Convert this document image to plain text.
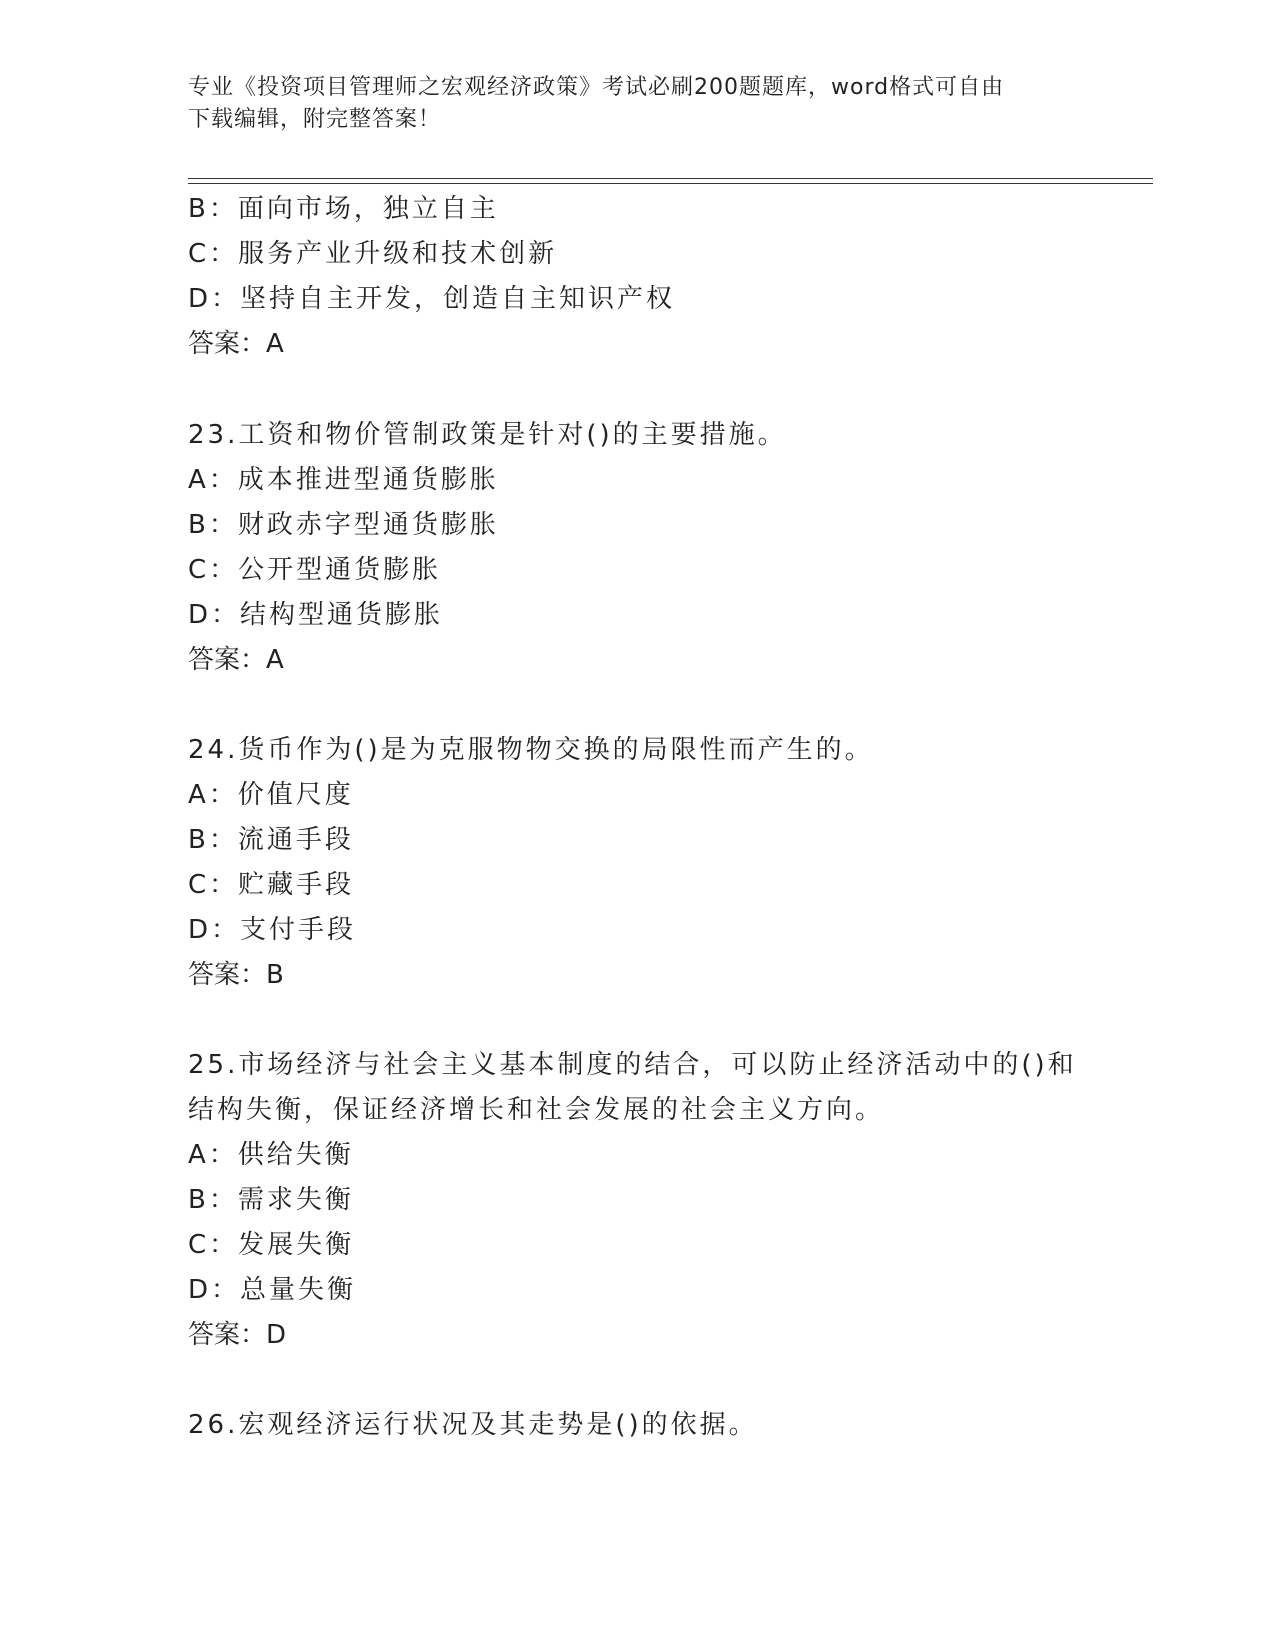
专业《投资项目管理师之宏观经济政策》考试必刷200题题库，word格式可自由
下载编辑，附完整答案！
B：面向市场，独立自主
C：服务产业升级和技术创新
D：坚持自主开发，创造自主知识产权
答案：A
23.工资和物价管制政策是针对()的主要措施。
A：成本推进型通货膨胀
B：财政赤字型通货膨胀
C：公开型通货膨胀
D：结构型通货膨胀
答案：A
24.货币作为()是为克服物物交换的局限性而产生的。
A：价值尺度
B：流通手段
C：贮藏手段
D：支付手段
答案：B
25.市场经济与社会主义基本制度的结合，可以防止经济活动中的()和
结构失衡，保证经济增长和社会发展的社会主义方向。
A：供给失衡
B：需求失衡
C：发展失衡
D：总量失衡
答案：D
26.宏观经济运行状况及其走势是()的依据。
